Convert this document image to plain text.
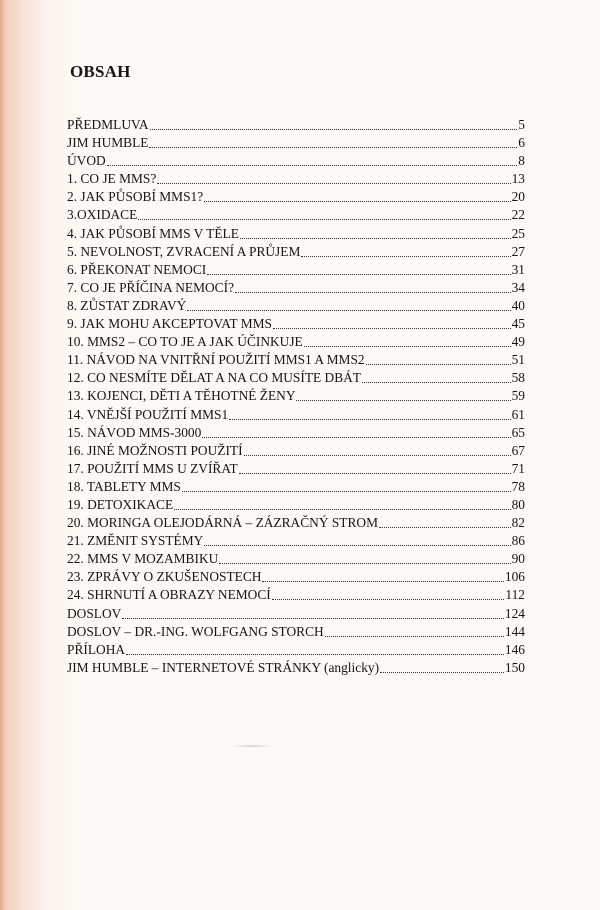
OBSAH
PŘEDMLUVA	5
JIM HUMBLE	6
ÚVOD	8
1. CO JE MMS?	13
2. JAK PŮSOBÍ MMS1?	20
3.OXIDACE	22
4. JAK PŮSOBÍ MMS V TĚLE	25
5. NEVOLNOST, ZVRACENÍ A PRŮJEM	27
6. PŘEKONAT NEMOCI	31
7. CO JE PŘÍČINA NEMOCÍ?	34
8. ZŮSTAT ZDRAVÝ	40
9. JAK MOHU AKCEPTOVAT MMS	45
10. MMS2 – CO TO JE A JAK ÚČINKUJE	49
11. NÁVOD NA VNITŘNÍ POUŽITÍ MMS1 A MMS2	51
12. CO NESMÍTE DĚLAT A NA CO MUSÍTE DBÁT	58
13. KOJENCI, DĚTI A TĚHOTNÉ ŽENY	59
14. VNĚJŠÍ POUŽITÍ MMS1	61
15. NÁVOD MMS-3000	65
16. JINÉ MOŽNOSTI POUŽITÍ	67
17. POUŽITÍ MMS U ZVÍŘAT	71
18. TABLETY MMS	78
19. DETOXIKACE	80
20. MORINGA OLEJODÁRNÁ – ZÁZRAČNÝ STROM	82
21. ZMĚNIT SYSTÉMY	86
22. MMS V MOZAMBIKU	90
23. ZPRÁVY O ZKUŠENOSTECH	106
24. SHRNUTÍ A OBRAZY NEMOCÍ	112
DOSLOV	124
DOSLOV – DR.-ING. WOLFGANG STORCH	144
PŘÍLOHA	146
JIM HUMBLE – INTERNETOVÉ STRÁNKY (anglicky)	150
